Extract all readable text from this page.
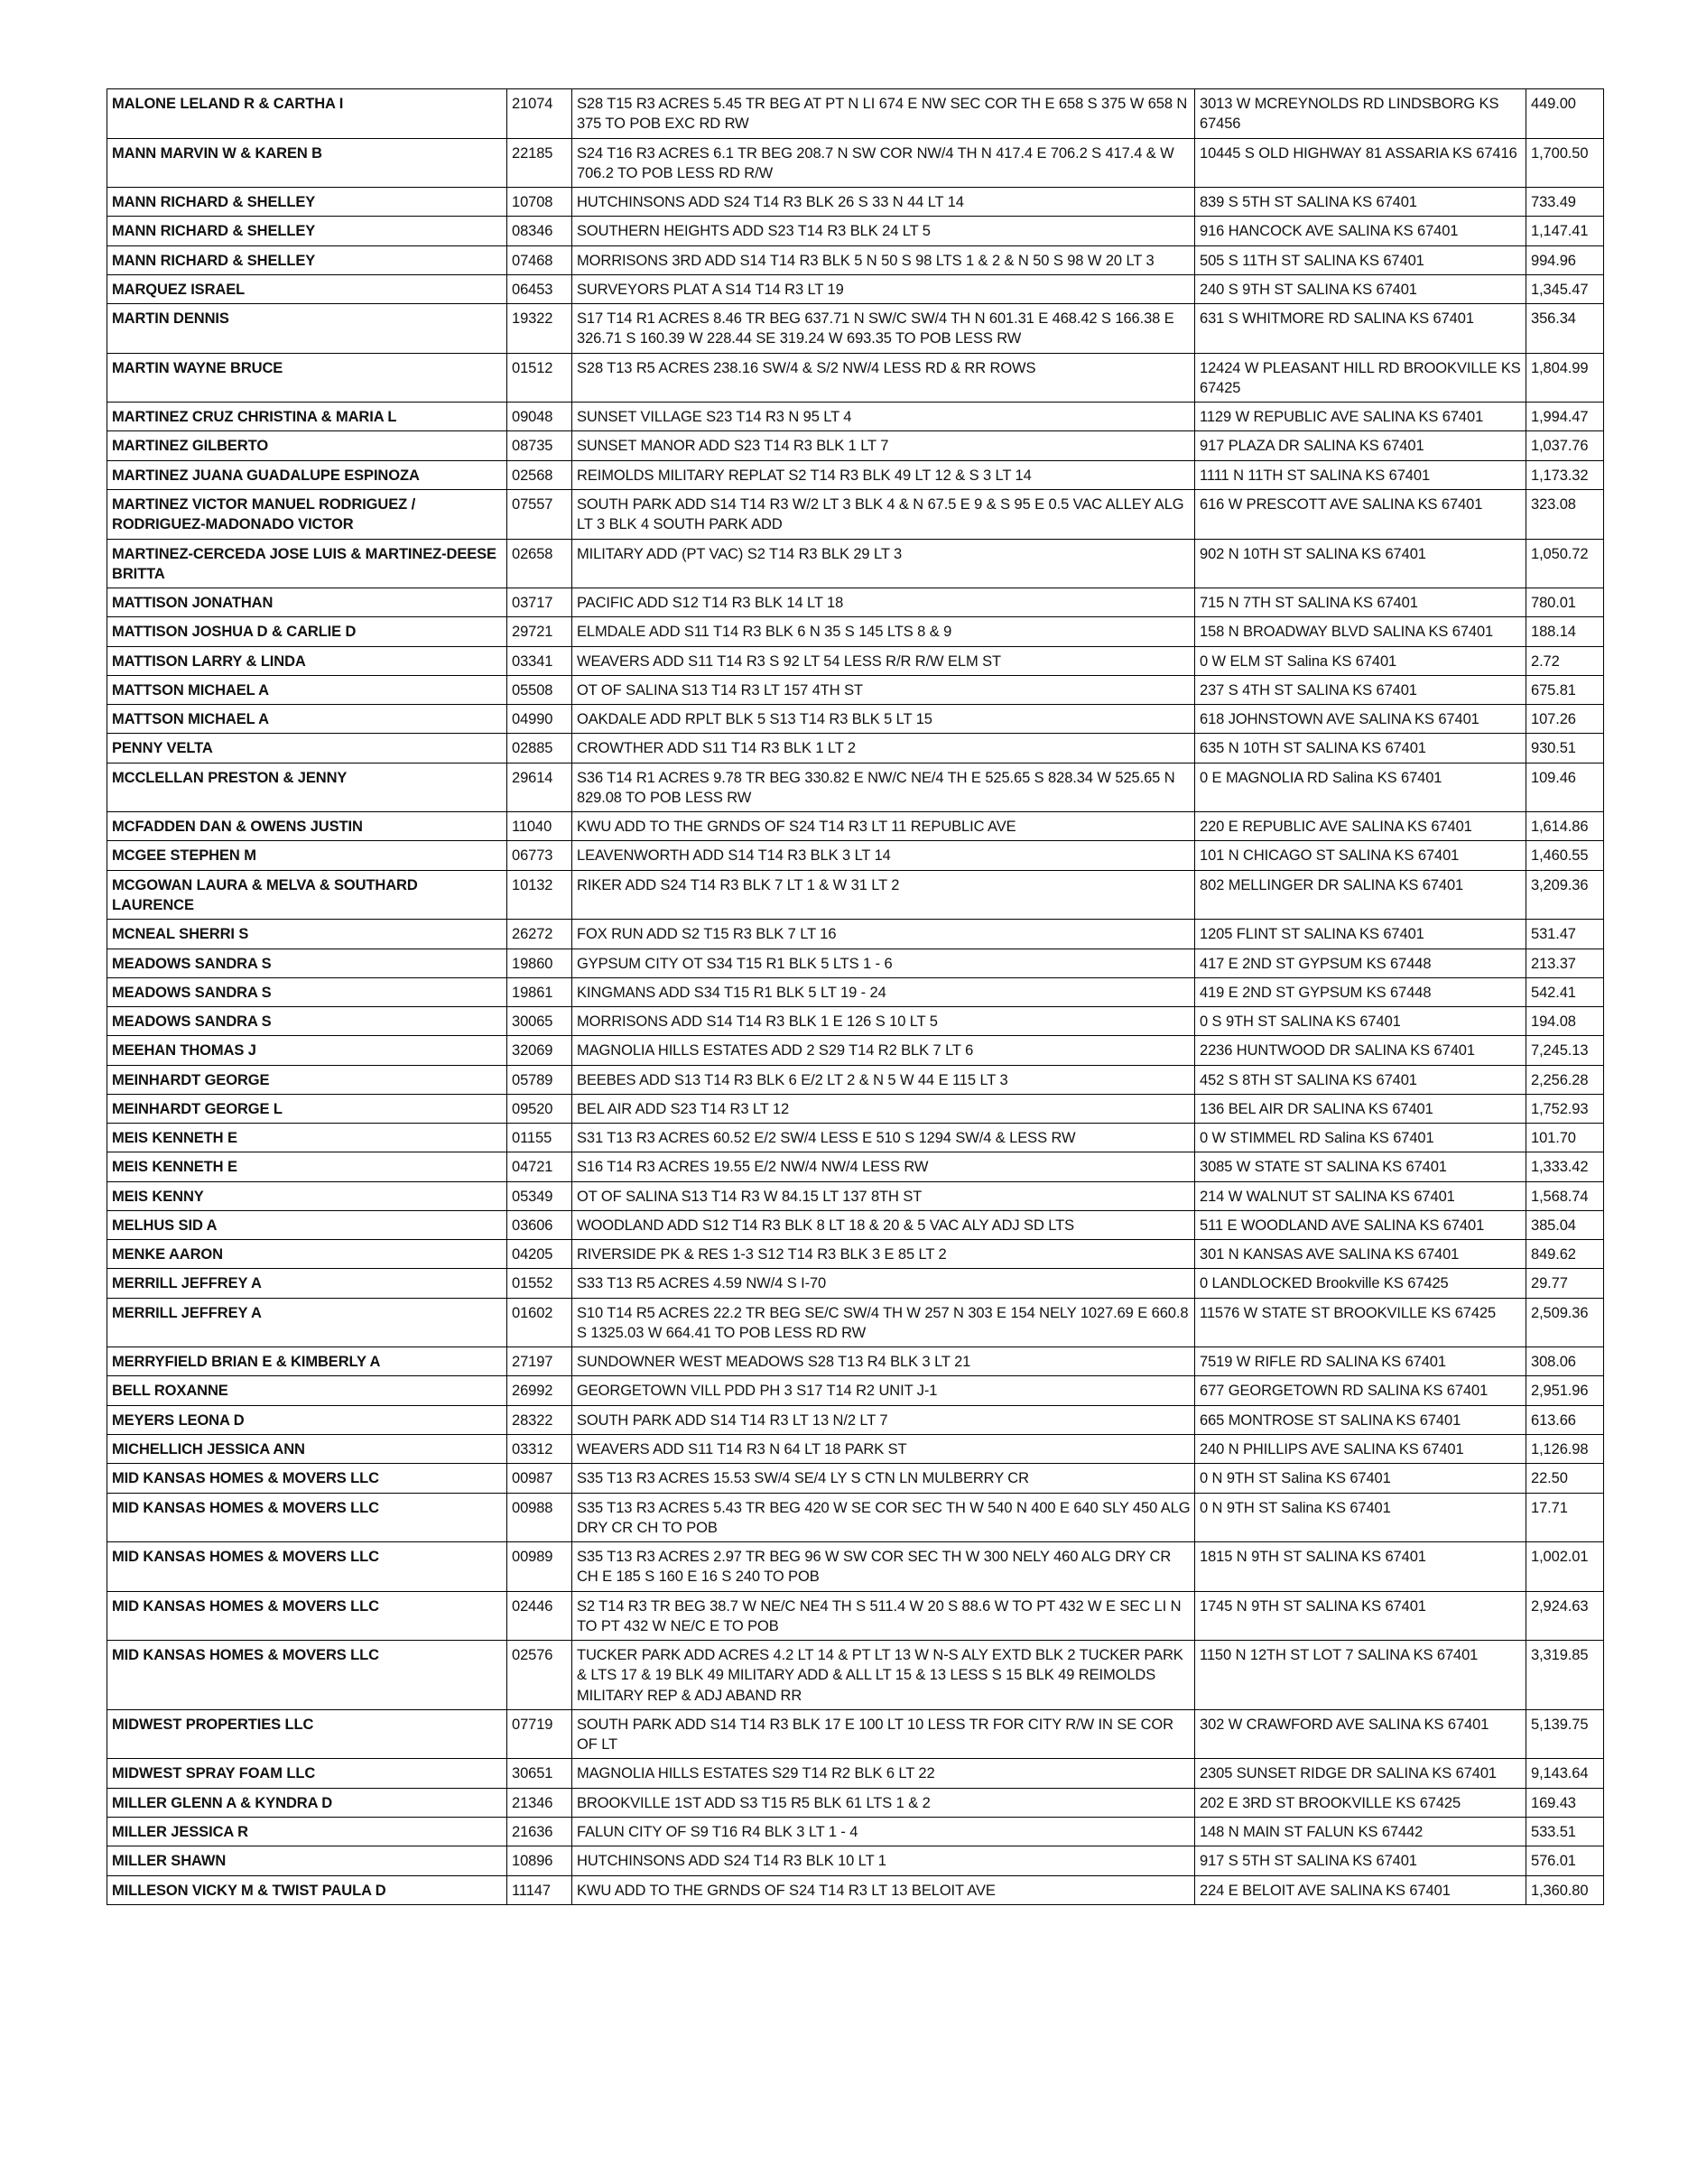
MALONE LELAND R & CARTHA I	21074	S28 T15 R3 ACRES 5.45 TR BEG AT PT N LI 674 E NW SEC COR TH E 658 S 375 W 658 N 375 TO POB EXC RD RW	3013 W MCREYNOLDS RD LINDSBORG KS 67456	449.00
MANN MARVIN W & KAREN B	22185	S24 T16 R3 ACRES 6.1 TR BEG 208.7 N SW COR NW/4 TH N 417.4 E 706.2 S 417.4 & W 706.2 TO POB LESS RD R/W	10445 S OLD HIGHWAY 81 ASSARIA KS 67416	1,700.50
MANN RICHARD & SHELLEY	10708	HUTCHINSONS ADD S24 T14 R3 BLK 26 S 33 N 44 LT 14	839 S 5TH ST SALINA KS 67401	733.49
MANN RICHARD & SHELLEY	08346	SOUTHERN HEIGHTS ADD S23 T14 R3 BLK 24 LT 5	916 HANCOCK AVE SALINA KS 67401	1,147.41
MANN RICHARD & SHELLEY	07468	MORRISONS 3RD ADD S14 T14 R3 BLK 5 N 50 S 98 LTS 1 & 2 & N 50 S 98 W 20 LT 3	505 S 11TH ST SALINA KS 67401	994.96
MARQUEZ ISRAEL	06453	SURVEYORS PLAT A S14 T14 R3 LT 19	240 S 9TH ST SALINA KS 67401	1,345.47
MARTIN DENNIS	19322	S17 T14 R1 ACRES 8.46 TR BEG 637.71 N SW/C SW/4 TH N 601.31 E 468.42 S 166.38 E 326.71 S 160.39 W 228.44 SE 319.24 W 693.35 TO POB LESS RW	631 S WHITMORE RD SALINA KS 67401	356.34
MARTIN WAYNE BRUCE	01512	S28 T13 R5 ACRES 238.16 SW/4 & S/2 NW/4 LESS RD & RR ROWS	12424 W PLEASANT HILL RD BROOKVILLE KS 67425	1,804.99
MARTINEZ CRUZ CHRISTINA & MARIA L	09048	SUNSET VILLAGE S23 T14 R3 N 95 LT 4	1129 W REPUBLIC AVE SALINA KS 67401	1,994.47
MARTINEZ GILBERTO	08735	SUNSET MANOR ADD S23 T14 R3 BLK 1 LT 7	917 PLAZA DR SALINA KS 67401	1,037.76
MARTINEZ JUANA GUADALUPE ESPINOZA	02568	REIMOLDS MILITARY REPLAT S2 T14 R3 BLK 49 LT 12 & S 3 LT 14	1111 N 11TH ST SALINA KS 67401	1,173.32
MARTINEZ VICTOR MANUEL RODRIGUEZ / RODRIGUEZ-MADONADO VICTOR	07557	SOUTH PARK ADD S14 T14 R3 W/2 LT 3 BLK 4 & N 67.5 E 9 & S 95 E 0.5 VAC ALLEY ALG LT 3 BLK 4 SOUTH PARK ADD	616 W PRESCOTT AVE SALINA KS 67401	323.08
MARTINEZ-CERCEDA JOSE LUIS & MARTINEZ-DEESE BRITTA	02658	MILITARY ADD (PT VAC) S2 T14 R3 BLK 29 LT 3	902 N 10TH ST SALINA KS 67401	1,050.72
MATTISON JONATHAN	03717	PACIFIC ADD S12 T14 R3 BLK 14 LT 18	715 N 7TH ST SALINA KS 67401	780.01
MATTISON JOSHUA D & CARLIE D	29721	ELMDALE ADD S11 T14 R3 BLK 6 N 35 S 145 LTS 8 & 9	158 N BROADWAY BLVD SALINA KS 67401	188.14
MATTISON LARRY & LINDA	03341	WEAVERS ADD S11 T14 R3 S 92 LT 54 LESS R/R R/W ELM ST	0 W ELM ST Salina KS 67401	2.72
MATTSON MICHAEL A	05508	OT OF SALINA S13 T14 R3 LT 157 4TH ST	237 S 4TH ST SALINA KS 67401	675.81
MATTSON MICHAEL A	04990	OAKDALE ADD RPLT BLK 5 S13 T14 R3 BLK 5 LT 15	618 JOHNSTOWN AVE SALINA KS 67401	107.26
PENNY VELTA	02885	CROWTHER ADD S11 T14 R3 BLK 1 LT 2	635 N 10TH ST SALINA KS 67401	930.51
MCCLELLAN PRESTON & JENNY	29614	S36 T14 R1 ACRES 9.78 TR BEG 330.82 E NW/C NE/4 TH E 525.65 S 828.34 W 525.65 N 829.08 TO POB LESS RW	0 E MAGNOLIA RD Salina KS 67401	109.46
MCFADDEN DAN & OWENS JUSTIN	11040	KWU ADD TO THE GRNDS OF S24 T14 R3 LT 11 REPUBLIC AVE	220 E REPUBLIC AVE SALINA KS 67401	1,614.86
MCGEE STEPHEN M	06773	LEAVENWORTH ADD S14 T14 R3 BLK 3 LT 14	101 N CHICAGO ST SALINA KS 67401	1,460.55
MCGOWAN LAURA & MELVA & SOUTHARD LAURENCE	10132	RIKER ADD S24 T14 R3 BLK 7 LT 1 & W 31 LT 2	802 MELLINGER DR SALINA KS 67401	3,209.36
MCNEAL SHERRI S	26272	FOX RUN ADD S2 T15 R3 BLK 7 LT 16	1205 FLINT ST SALINA KS 67401	531.47
MEADOWS SANDRA S	19860	GYPSUM CITY OT S34 T15 R1 BLK 5 LTS 1 - 6	417 E 2ND ST GYPSUM KS 67448	213.37
MEADOWS SANDRA S	19861	KINGMANS ADD S34 T15 R1 BLK 5 LT 19 - 24	419 E 2ND ST GYPSUM KS 67448	542.41
MEADOWS SANDRA S	30065	MORRISONS ADD S14 T14 R3 BLK 1 E 126 S 10 LT 5	0 S 9TH ST SALINA KS 67401	194.08
MEEHAN THOMAS J	32069	MAGNOLIA HILLS ESTATES ADD 2 S29 T14 R2 BLK 7 LT 6	2236 HUNTWOOD DR SALINA KS 67401	7,245.13
MEINHARDT GEORGE	05789	BEEBES ADD S13 T14 R3 BLK 6 E/2 LT 2 & N 5 W 44 E 115 LT 3	452 S 8TH ST SALINA KS 67401	2,256.28
MEINHARDT GEORGE L	09520	BEL AIR ADD S23 T14 R3 LT 12	136 BEL AIR DR SALINA KS 67401	1,752.93
MEIS KENNETH E	01155	S31 T13 R3 ACRES 60.52 E/2 SW/4 LESS E 510 S 1294 SW/4 & LESS RW	0 W STIMMEL RD Salina KS 67401	101.70
MEIS KENNETH E	04721	S16 T14 R3 ACRES 19.55 E/2 NW/4 NW/4 LESS RW	3085 W STATE ST SALINA KS 67401	1,333.42
MEIS KENNY	05349	OT OF SALINA S13 T14 R3 W 84.15 LT 137 8TH ST	214 W WALNUT ST SALINA KS 67401	1,568.74
MELHUS SID A	03606	WOODLAND ADD S12 T14 R3 BLK 8 LT 18 & 20 & 5 VAC ALY ADJ SD LTS	511 E WOODLAND AVE SALINA KS 67401	385.04
MENKE AARON	04205	RIVERSIDE PK & RES 1-3 S12 T14 R3 BLK 3 E 85 LT 2	301 N KANSAS AVE SALINA KS 67401	849.62
MERRILL JEFFREY A	01552	S33 T13 R5 ACRES 4.59 NW/4 S I-70	0 LANDLOCKED Brookville KS 67425	29.77
MERRILL JEFFREY A	01602	S10 T14 R5 ACRES 22.2 TR BEG SE/C SW/4 TH W 257 N 303 E 154 NELY 1027.69 E 660.8 S 1325.03 W 664.41 TO POB LESS RD RW	11576 W STATE ST BROOKVILLE KS 67425	2,509.36
MERRYFIELD BRIAN E & KIMBERLY A	27197	SUNDOWNER WEST MEADOWS S28 T13 R4 BLK 3 LT 21	7519 W RIFLE RD SALINA KS 67401	308.06
BELL ROXANNE	26992	GEORGETOWN VILL PDD PH 3 S17 T14 R2 UNIT J-1	677 GEORGETOWN RD SALINA KS 67401	2,951.96
MEYERS LEONA D	28322	SOUTH PARK ADD S14 T14 R3 LT 13 N/2 LT 7	665 MONTROSE ST SALINA KS 67401	613.66
MICHELLICH JESSICA ANN	03312	WEAVERS ADD S11 T14 R3 N 64 LT 18 PARK ST	240 N PHILLIPS AVE SALINA KS 67401	1,126.98
MID KANSAS HOMES & MOVERS LLC	00987	S35 T13 R3 ACRES 15.53 SW/4 SE/4 LY S CTN LN MULBERRY CR	0 N 9TH ST Salina KS 67401	22.50
MID KANSAS HOMES & MOVERS LLC	00988	S35 T13 R3 ACRES 5.43 TR BEG 420 W SE COR SEC TH W 540 N 400 E 640 SLY 450 ALG DRY CR CH TO POB	0 N 9TH ST Salina KS 67401	17.71
MID KANSAS HOMES & MOVERS LLC	00989	S35 T13 R3 ACRES 2.97 TR BEG 96 W SW COR SEC TH W 300 NELY 460 ALG DRY CR CH E 185 S 160 E 16 S 240 TO POB	1815 N 9TH ST SALINA KS 67401	1,002.01
MID KANSAS HOMES & MOVERS LLC	02446	S2 T14 R3 TR BEG 38.7 W NE/C NE4 TH S 511.4 W 20 S 88.6 W TO PT 432 W E SEC LI N TO PT 432 W NE/C E TO POB	1745 N 9TH ST SALINA KS 67401	2,924.63
MID KANSAS HOMES & MOVERS LLC	02576	TUCKER PARK ADD ACRES 4.2 LT 14 & PT LT 13 W N-S ALY EXTD BLK 2 TUCKER PARK & LTS 17 & 19 BLK 49 MILITARY ADD & ALL LT 15 & 13 LESS S 15 BLK 49 REIMOLDS MILITARY REP & ADJ ABAND RR	1150 N 12TH ST LOT 7 SALINA KS 67401	3,319.85
MIDWEST PROPERTIES LLC	07719	SOUTH PARK ADD S14 T14 R3 BLK 17 E 100 LT 10 LESS TR FOR CITY R/W IN SE COR OF LT	302 W CRAWFORD AVE SALINA KS 67401	5,139.75
MIDWEST SPRAY FOAM LLC	30651	MAGNOLIA HILLS ESTATES S29 T14 R2 BLK 6 LT 22	2305 SUNSET RIDGE DR SALINA KS 67401	9,143.64
MILLER GLENN A & KYNDRA D	21346	BROOKVILLE 1ST ADD S3 T15 R5 BLK 61 LTS 1 & 2	202 E 3RD ST BROOKVILLE KS 67425	169.43
MILLER JESSICA R	21636	FALUN CITY OF S9 T16 R4 BLK 3 LT 1 - 4	148 N MAIN ST FALUN KS 67442	533.51
MILLER SHAWN	10896	HUTCHINSONS ADD S24 T14 R3 BLK 10 LT 1	917 S 5TH ST SALINA KS 67401	576.01
MILLESON VICKY M & TWIST PAULA D	11147	KWU ADD TO THE GRNDS OF S24 T14 R3 LT 13 BELOIT AVE	224 E BELOIT AVE SALINA KS 67401	1,360.80
